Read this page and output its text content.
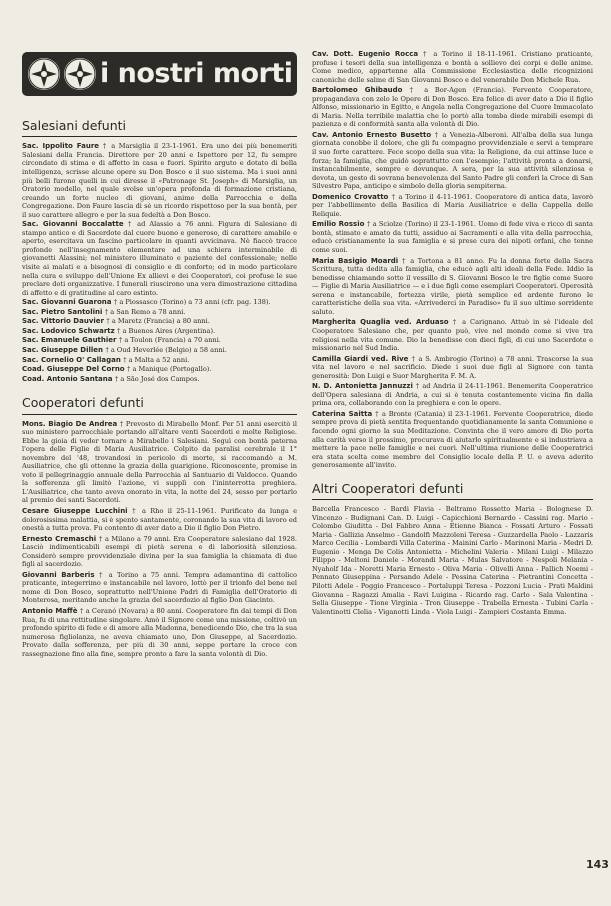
i nostri morti
Salesiani defunti
Sac. Ippolito Faure † a Marsiglia il 23-1-1961. Era uno dei più benemeriti Salesiani della Francia. Direttore per 20 anni e Ispettore per 12, fu sempre circondato di stima e di affetto in casa e fuori. Spirito arguto e dotato di bella intelligenza, scrisse alcune opere su Don Bosco e il suo sistema. Ma i suoi anni più belli furono quelli in cui diresse il «Patronage St. Joseph» di Marsiglia, un Oratorio modello, nel quale svolse un'opera profonda di formazione cristiana, creando un forte nucleo di giovani, anime della Parrocchia e della Congregazione. Don Faure lascia di sè un ricordo rispettoso per la sua bontà, per il suo carattere allegro e per la sua fedeltà a Don Bosco.
Sac. Giovanni Boccalatte † ad Alassio a 76 anni. Figura di Salesiano di stampo antico e di Sacerdote dal cuore buono e generoso, di carattere amabile e aperto, esercitava un fascino particolare in quanti avvicinava. Nè fiaccò tracce profonde nell'insegnamento elementare ad una schiera interminabile di giovanetti Alassini; nel ministero illuminato e paziente del confessionale; nelle visite ai malati e a bisognosi di consiglio e di conforto; ed in modo particolare nella cura e sviluppo dell'Unione Ex allievi e dei Cooperatori, coi profuse le sue preclare doti organizzative. I funerali riuscirono una vera dimostrazione cittadina di affetto e di gratitudine al caro estinto.
Sac. Giovanni Guarona † a Piossasco (Torino) a 73 anni (cfr. pag. 138).
Sac. Pietro Santolini † a San Remo a 78 anni.
Sac. Vittorio Dauvier † a Maretz (Francia) a 80 anni.
Sac. Lodovico Schwartz † a Buenos Aires (Argentina).
Sac. Emanuele Gauthier † a Toulon (Francia) a 70 anni.
Sac. Giuseppe Dillen † a Oud Heverlée (Belgio) a 58 anni.
Sac. Cornelio O' Callagan † a Malta a 52 anni.
Coad. Giuseppe Del Corno † a Manique (Portogallo).
Coad. Antonio Santana † a São José dos Campos.
Cooperatori defunti
Mons. Biagio De Andrea † Prevosto di Mirabello Monf. Per 51 anni esercitò il suo ministero parrocchiale portando all'altare venti Sacerdoti e molte Religiose. Ebbe la gioia di veder tornare a Mirabello i Salesiani. Seguì con bontà paterna l'opera delle Figlie di Maria Ausiliatrice. Colpito da paralisi cerebrale il 1° novembre del '48, trovandosi in pericolo di morte, si raccomandò a M. Ausiliatrice, che gli ottenne la grazia della guarigione. Riconoscente, promise in voto il pellegrinaggio annuale della Parrocchia al Santuario di Valdocco. Quando la sofferenza gli limitò l'azione, vi supplì con l'ininterrotta preghiera. L'Ausiliatrice, che tanto aveva onorato in vita, la notte del 24, sesso per portarlo al premio dei santi Sacerdoti.
Cesare Giuseppe Lucchini † a Rho il 25-11-1961. Purificato da lunga e dolorosissima malattia, si è spento santamente, coronando la sua vita di lavoro ed onestà a tutta prova. Fu contento di aver dato a Dio il figlio Don Pietro.
Ernesto Cremaschi † a Milano a 79 anni. Era Cooperatore salesiano dal 1928. Lasciò indimenticabili esempi di pietà serena e di laboriosità silenziosa. Considerò sempre provvidenziale divina per la sua famiglia la chiamata di due figli al sacerdozio.
Giovanni Barberis † a Torino a 75 anni. Tempra adamantina di cattolico praticante, integerrimo e instancabile nel lavoro, lottò per il trionfo del bene nel nome di Don Bosco, soprattutto nell'Unione Padri di Famiglia dell'Oratorio di Monterosa, meritando anche la grazia del sacerdozio al figlio Don Giacinto.
Antonio Maffè † a Ceranó (Novara) a 80 anni. Cooperatore fin dai tempi di Don Rua, fu di una rettitudine singolare. Amò il Signore come una missione, coltivò un profondo spirito di fede e di amore alla Madonna, benedicendo Dio, che tra la sua numerosa figliolanza, ne aveva chiamato uno, Don Giuseppe, al Sacerdozio. Provato dalla sofferenza, per più di 30 anni, seppe portare la croce con rassegnazione fino alla fine, sempre pronto a fare la santa volontà di Dio.
Cav. Dott. Eugenio Rocca † a Torino il 18-11-1961. Cristiano praticante, profuse i tesori della sua intelligenza e bontà a sollievo dei corpi e delle anime. Come medico, appartenne alla Commissione Ecclesiastica delle ricognizioni canoniche delle salme di San Giovanni Bosco e del venerabile Don Michele Rua.
Bartolomeo Ghibaudo † a Bor-Agen (Francia). Fervente Cooperatore, propagandava con zelo le Opere di Don Bosco. Era felice di aver dato a Dio il figlio Alfonso, missionario in Egitto, e Angela nella Congregazione del Cuore Immacolato di Maria. Nella terribile malattia che lo portò alla tomba diede mirabili esempi di pazienza e di conformità santa alla volontà di Dio.
Cav. Antonio Ernesto Busetto † a Venezia-Alberoni. All'alba della sua lunga giornata conobbe il dolore, che gli fu compagno provvidenziale e servì a temprare il suo forte carattere. Fece scopo della sua vita: la Religione, da cui attinse luce e forza; la famiglia, che guidò soprattutto con l'esempio; l'attività pronta a donarsi, instancabilmente, sempre e dovunque. A sera, per la sua attività silenziosa e devota, un gesto di sovrana benevolenza del Santo Padre gli conferì la Croce di San Silvestro Papa, anticipo e simbolo della gloria sempiterna.
Domenico Crovatto † a Torino il 4-11-1961. Cooperatore di antica data, lavorò per l'abbellimento della Basilica di Maria Ausiliatrice e della Cappella delle Reliquie.
Emilio Rossio † a Sciolze (Torino) il 23-1-1961. Uomo di fede viva e ricco di santa bontà, stimato e amato da tutti, assiduo ai Sacramenti e alla vita della parrocchia, educò cristianamente la sua famiglia e si prese cura dei nipoti orfani, che tenne come suoi.
Maria Basigio Moardi † a Tortona a 81 anno. Fu la donna forte della Sacra Scrittura, tutta dedita alla famiglia, che educò agli alti ideali della Fede. Iddio la benedisse chiamando sotto il vessillo di S. Giovanni Bosco le tre figlie come Suore — Figlie di Maria Ausiliatrice — e i due figli come esemplari Cooperatori. Operosità serena e instancabile, fortezza virile, pietà semplice ed ardente furono le caratteristiche della sua vita. «Arrivederci in Paradiso» fu il suo ultimo sorridente saluto.
Margherita Quaglia ved. Arduaso † a Carignano. Attuò in sè l'ideale del Cooperatore Salesiano che, per quanto può, vive nel mondo come si vive tra religiosi nella vita comune. Dio la benedisse con dieci figli, di cui uno Sacerdote e missionario nel Sud India.
Camilla Giardi ved. Rive † a S. Ambrogio (Torino) a 78 anni. Trascorse la sua vita nel lavoro e nel sacrificio. Diede i suoi due figli al Signore con tanta generosità: Don Luigi e Suor Margherita F. M. A.
N. D. Antonietta Jannuzzi † ad Andria il 24-11-1961. Benemerita Cooperatrice dell'Opera salesiana di Andria, a cui si è tenuta costantemente vicina fin dalla prima ora, collaborando con la preghiera e con le opere.
Caterina Saitta † a Bronte (Catania) il 23-1-1961. Fervente Cooperatrice, diede sempre prova di pietà sentita frequentando quotidianamente la santa Comunione e facendo ogni giorno la sua Meditazione. Convinta che il vero amore di Dio porta alla carità verso il prossimo, procurava di aiutarlo spiritualmente e si industriava a mettere la pace nelle famiglie e nei cuori. Nell'ultima riunione delle Cooperatrici era stata scelta come membro del Consiglio locale della P. U. e aveva aderito generosamente all'invito.
Altri Cooperatori defunti
Barcella Francesco - Bardi Flavia - Beltramo Rossetto Maria - Bolognese D. Vincenzo - Budignani Can. D. Luigi - Capicchioni Bernardo - Cassini rag. Mario - Colombo Giuditta - Del Fabbro Anna - Etienne Bianca - Fossati Arturo - Fossati Maria - Gallizia Anselmo - Gandolfi Mazzoleni Teresa - Guzzardella Paolo - Lazzaris Marco Cecilia - Lombardi Villa Caterina - Mainini Carlo - Marinoni Maria - Medri D. Eugenio - Menga De Colis Antonietta - Michelini Valeria - Milani Luigi - Milazzo Filippo - Meltoni Daniele - Morandi Maria - Mulas Salvatore - Nespoli Melania - Nyaholf Ida - Noretti Maria Ernesto - Oliva Maria - Olivelli Anna - Pallich Noemi - Pennato Giuseppina - Persando Adele - Pessina Caterina - Pietrantini Concetta - Pilotti Adele - Poggio Francesco - Portaluppi Teresa - Pozzoni Lucia - Prati Maldini Giovanna - Ragazzi Amalia - Ravi Luigina - Ricardo rag. Carlo - Sala Valentina - Sella Giuseppe - Tione Virginia - Tron Giuseppe - Trabella Ernesta - Tubini Carla - Valentinotti Clelia - Viganotti Linda - Viola Luigi - Zampieri Costanta Emma.
143
